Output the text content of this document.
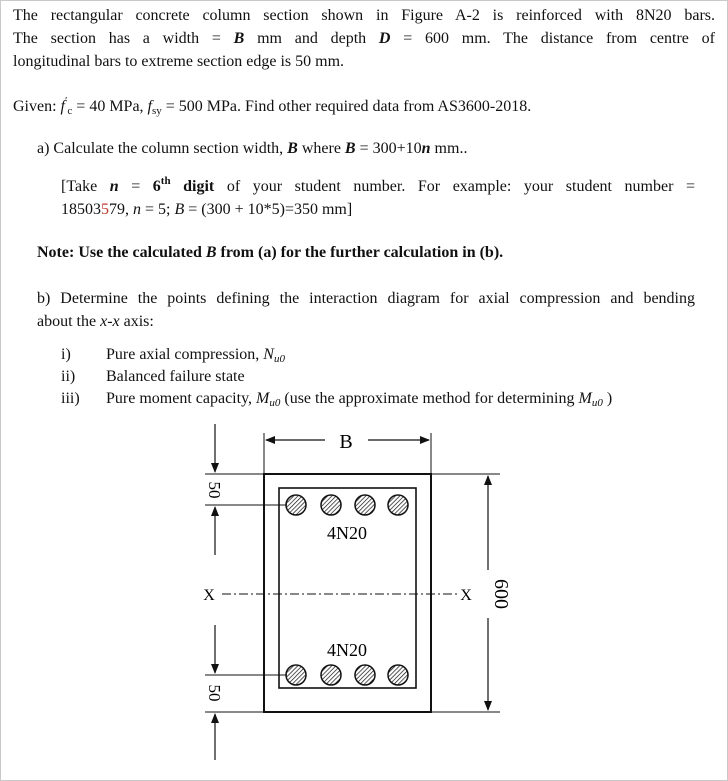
The rectangular concrete column section shown in Figure A-2 is reinforced with 8N20 bars.
The section has a width = B mm and depth D = 600 mm. The distance from centre of
longitudinal bars to extreme section edge is 50 mm.
Given: $f'_c = 40$ MPa, $f_{sy} = 500$ MPa. Find other required data from AS3600-2018.
a) Calculate the column section width, B where B = 300+10n mm..
[Take n = 6th digit of your student number. For example: your student number =
18503579, n = 5; B = (300 + 10*5)=350 mm]
Note: Use the calculated B from (a) for the further calculation in (b).
b) Determine the points defining the interaction diagram for axial compression and bending
about the x-x axis:
i)	Pure axial compression, $N_{u0}$
ii)	Balanced failure state
iii)	Pure moment capacity, $M_{u0}$ (use the approximate method for determining $M_{u0}$ )
B
4N20
4N20
X	X 600
50
50
